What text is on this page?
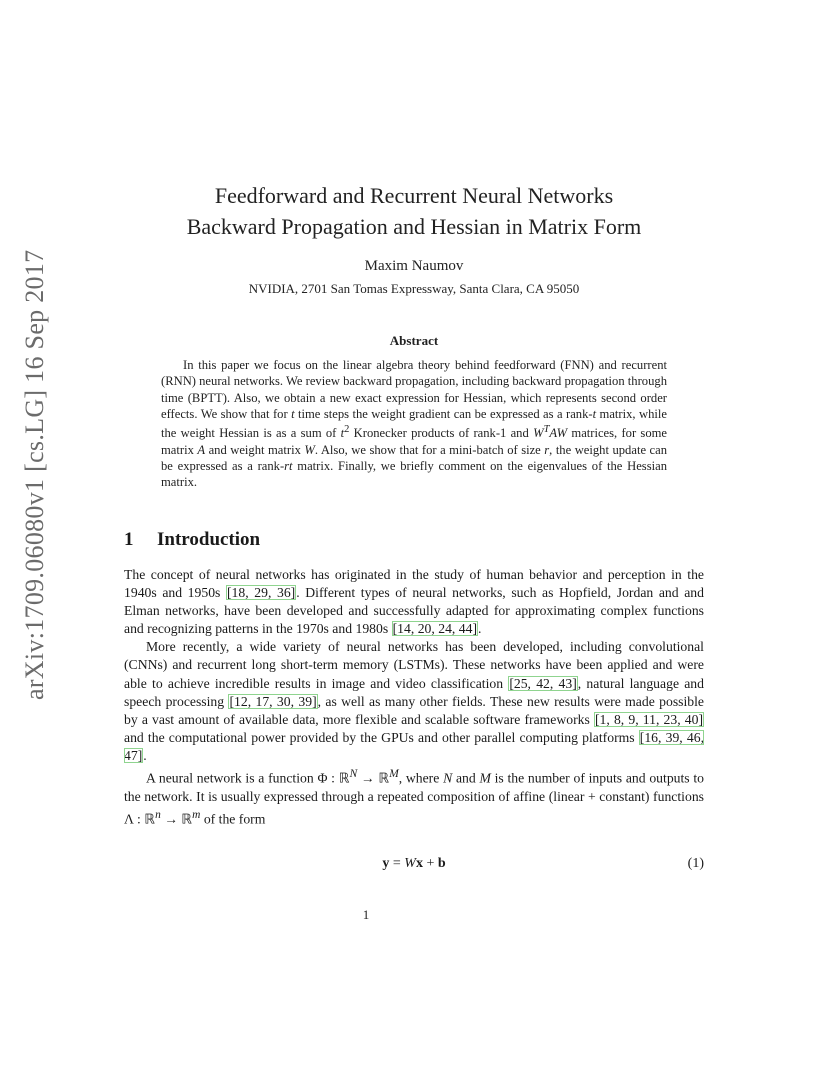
arXiv:1709.06080v1 [cs.LG] 16 Sep 2017
Feedforward and Recurrent Neural Networks
Backward Propagation and Hessian in Matrix Form
Maxim Naumov
NVIDIA, 2701 San Tomas Expressway, Santa Clara, CA 95050
Abstract
In this paper we focus on the linear algebra theory behind feedforward (FNN) and recurrent (RNN) neural networks. We review backward propagation, including backward propagation through time (BPTT). Also, we obtain a new exact expression for Hessian, which represents second order effects. We show that for t time steps the weight gradient can be expressed as a rank-t matrix, while the weight Hessian is as a sum of $t^2$ Kronecker products of rank-1 and $W^TAW$ matrices, for some matrix A and weight matrix W. Also, we show that for a mini-batch of size r, the weight update can be expressed as a rank-rt matrix. Finally, we briefly comment on the eigenvalues of the Hessian matrix.
1 Introduction

The concept of neural networks has originated in the study of human behavior and perception in the 1940s and 1950s [18, 29, 36]. Different types of neural networks, such as Hopfield, Jordan and and Elman networks, have been developed and successfully adapted for approximating complex functions and recognizing patterns in the 1970s and 1980s [14, 20, 24, 44].

More recently, a wide variety of neural networks has been developed, including convolutional (CNNs) and recurrent long short-term memory (LSTMs). These networks have been applied and were able to achieve incredible results in image and video classification [25, 42, 43], natural language and speech processing [12, 17, 30, 39], as well as many other fields. These new results were made possible by a vast amount of available data, more flexible and scalable software frameworks [1, 8, 9, 11, 23, 40] and the computational power provided by the GPUs and other parallel computing platforms [16, 39, 46, 47].

A neural network is a function Φ : ℝ$^N$ → ℝ$^M$, where N and M is the number of inputs and outputs to the network. It is usually expressed through a repeated composition of affine (linear + constant) functions Λ : ℝ$^n$ → ℝ$^m$ of the form

y = Wx + b	(1)
1
